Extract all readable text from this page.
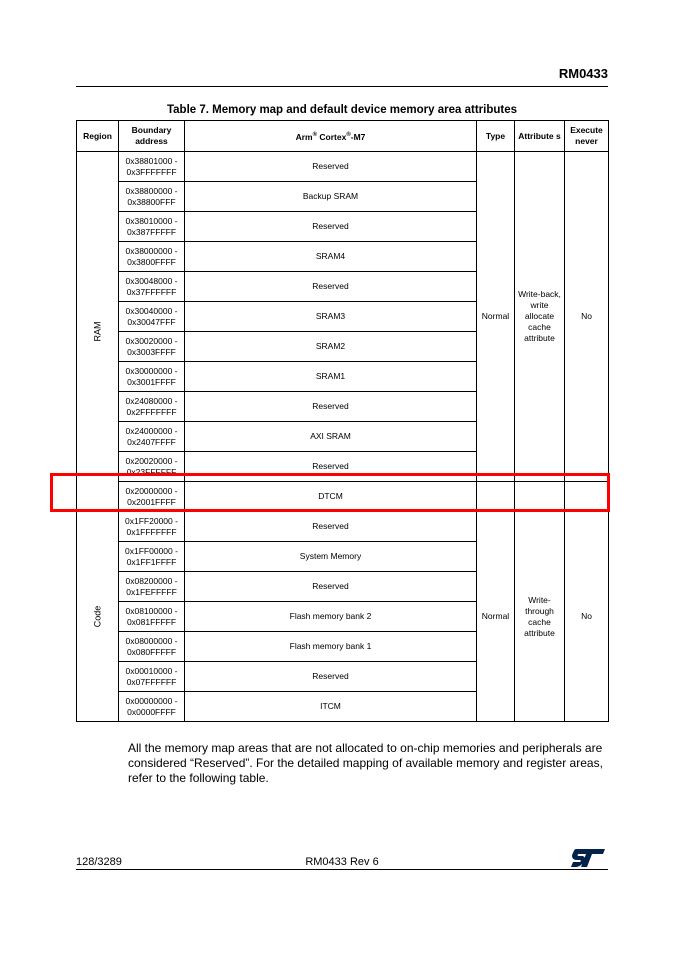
RM0433
Table 7. Memory map and default device memory area attributes
Region	Boundary address	Arm® Cortex®-M7	Type	Attribute s	Execute never
RAM	0x38801000 -
0x3FFFFFFF	Reserved	Normal	Write-back, write allocate cache attribute	No
	0x38800000 -
0x38800FFF	Backup SRAM			
	0x38010000 -
0x387FFFFF	Reserved			
	0x38000000 -
0x3800FFFF	SRAM4			
	0x30048000 -
0x37FFFFFF	Reserved			
	0x30040000 -
0x30047FFF	SRAM3			
	0x30020000 -
0x3003FFFF	SRAM2			
	0x30000000 -
0x3001FFFF	SRAM1			
	0x24080000 -
0x2FFFFFFF	Reserved			
	0x24000000 -
0x2407FFFF	AXI SRAM			
	0x20020000 -
0x23FFFFFF	Reserved			
	0x20000000 -
0x2001FFFF	DTCM			
Code	0x1FF20000 -
0x1FFFFFFF	Reserved	Normal	Write-through cache attribute	No
	0x1FF00000 -
0x1FF1FFFF	System Memory			
	0x08200000 -
0x1FEFFFFF	Reserved			
	0x08100000 -
0x081FFFFF	Flash memory bank 2			
	0x08000000 -
0x080FFFFF	Flash memory bank 1			
	0x00010000 -
0x07FFFFFF	Reserved			
	0x00000000 -
0x0000FFFF	ITCM			
All the memory map areas that are not allocated to on-chip memories and peripherals are considered “Reserved”. For the detailed mapping of available memory and register areas, refer to the following table.
128/3289	RM0433 Rev 6
